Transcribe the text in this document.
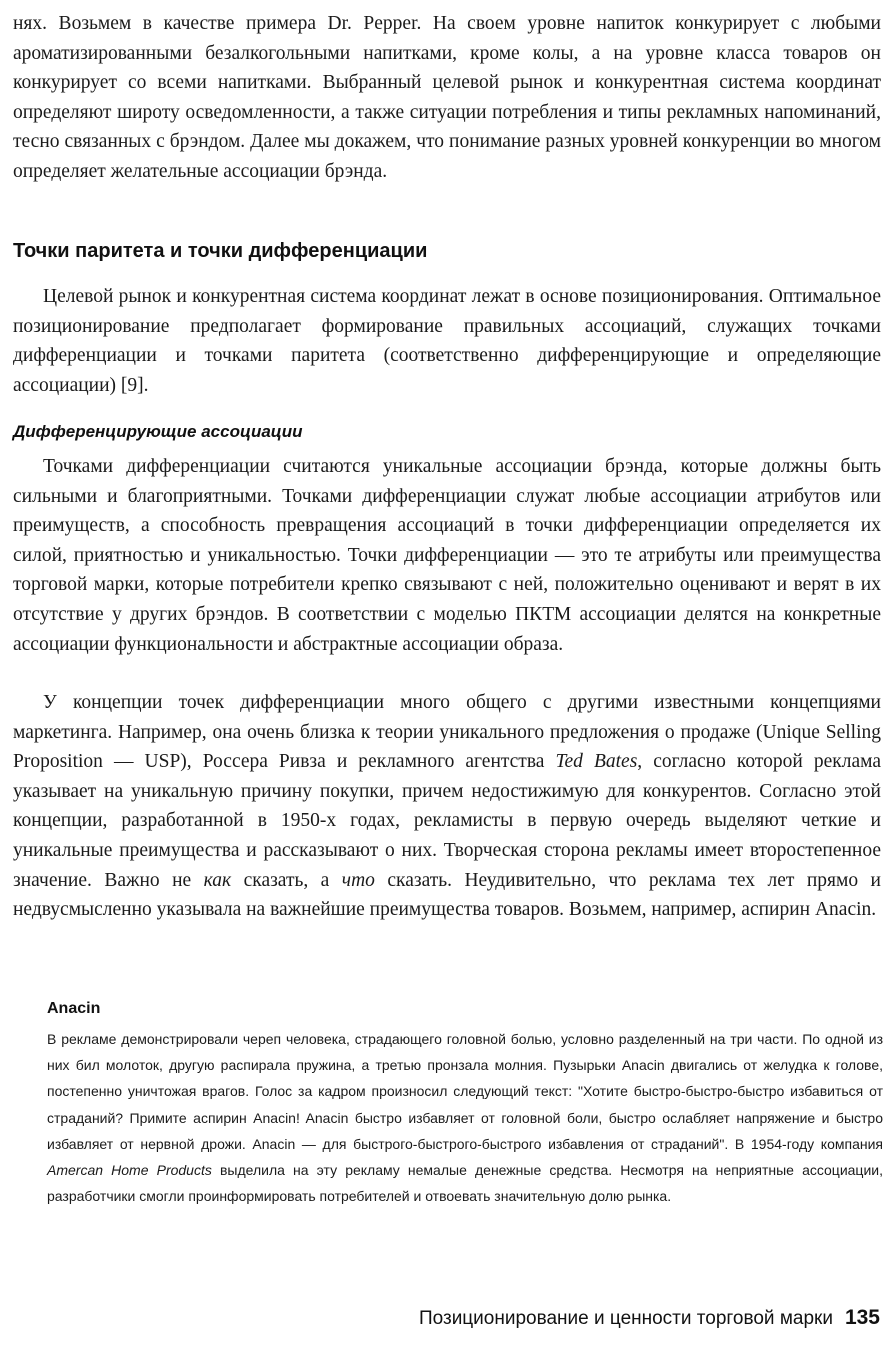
нях. Возьмем в качестве примера Dr. Pepper. На своем уровне напиток конкурирует с любыми ароматизированными безалкогольными напитками, кроме колы, а на уровне класса товаров он конкурирует со всеми напитками. Выбранный целевой рынок и конкурентная система координат определяют широту осведомленности, а также ситуации потребления и типы рекламных напоминаний, тесно связанных с брэндом. Далее мы докажем, что понимание разных уровней конкуренции во многом определяет желательные ассоциации брэнда.

Точки паритета и точки дифференциации

Целевой рынок и конкурентная система координат лежат в основе позиционирования. Оптимальное позиционирование предполагает формирование правильных ассоциаций, служащих точками дифференциации и точками паритета (соответственно дифференцирующие и определяющие ассоциации) [9].

Дифференцирующие ассоциации

Точками дифференциации считаются уникальные ассоциации брэнда, которые должны быть сильными и благоприятными. Точками дифференциации служат любые ассоциации атрибутов или преимуществ, а способность превращения ассоциаций в точки дифференциации определяется их силой, приятностью и уникальностью. Точки дифференциации — это те атрибуты или преимущества торговой марки, которые потребители крепко связывают с ней, положительно оценивают и верят в их отсутствие у других брэндов. В соответствии с моделью ПКТМ ассоциации делятся на конкретные ассоциации функциональности и абстрактные ассоциации образа.

У концепции точек дифференциации много общего с другими известными концепциями маркетинга. Например, она очень близка к теории уникального предложения о продаже (Unique Selling Proposition — USP), Россера Ривза и рекламного агентства Ted Bates, согласно которой реклама указывает на уникальную причину покупки, причем недостижимую для конкурентов. Согласно этой концепции, разработанной в 1950-х годах, рекламисты в первую очередь выделяют четкие и уникальные преимущества и рассказывают о них. Творческая сторона рекламы имеет второстепенное значение. Важно не как сказать, а что сказать. Неудивительно, что реклама тех лет прямо и недвусмысленно указывала на важнейшие преимущества товаров. Возьмем, например, аспирин Anacin.

Anacin

В рекламе демонстрировали череп человека, страдающего головной болью, условно разделенный на три части. По одной из них бил молоток, другую распирала пружина, а третью пронзала молния. Пузырьки Anacin двигались от желудка к голове, постепенно уничтожая врагов. Голос за кадром произносил следующий текст: "Хотите быстро-быстро-быстро избавиться от страданий? Примите аспирин Anacin! Anacin быстро избавляет от головной боли, быстро ослабляет напряжение и быстро избавляет от нервной дрожи. Anacin — для быстрого-быстрого-быстрого избавления от страданий". В 1954-году компания Amercan Home Products выделила на эту рекламу немалые денежные средства. Несмотря на неприятные ассоциации, разработчики смогли проинформировать потребителей и отвоевать значительную долю рынка.

Позиционирование и ценности торговой марки 135
